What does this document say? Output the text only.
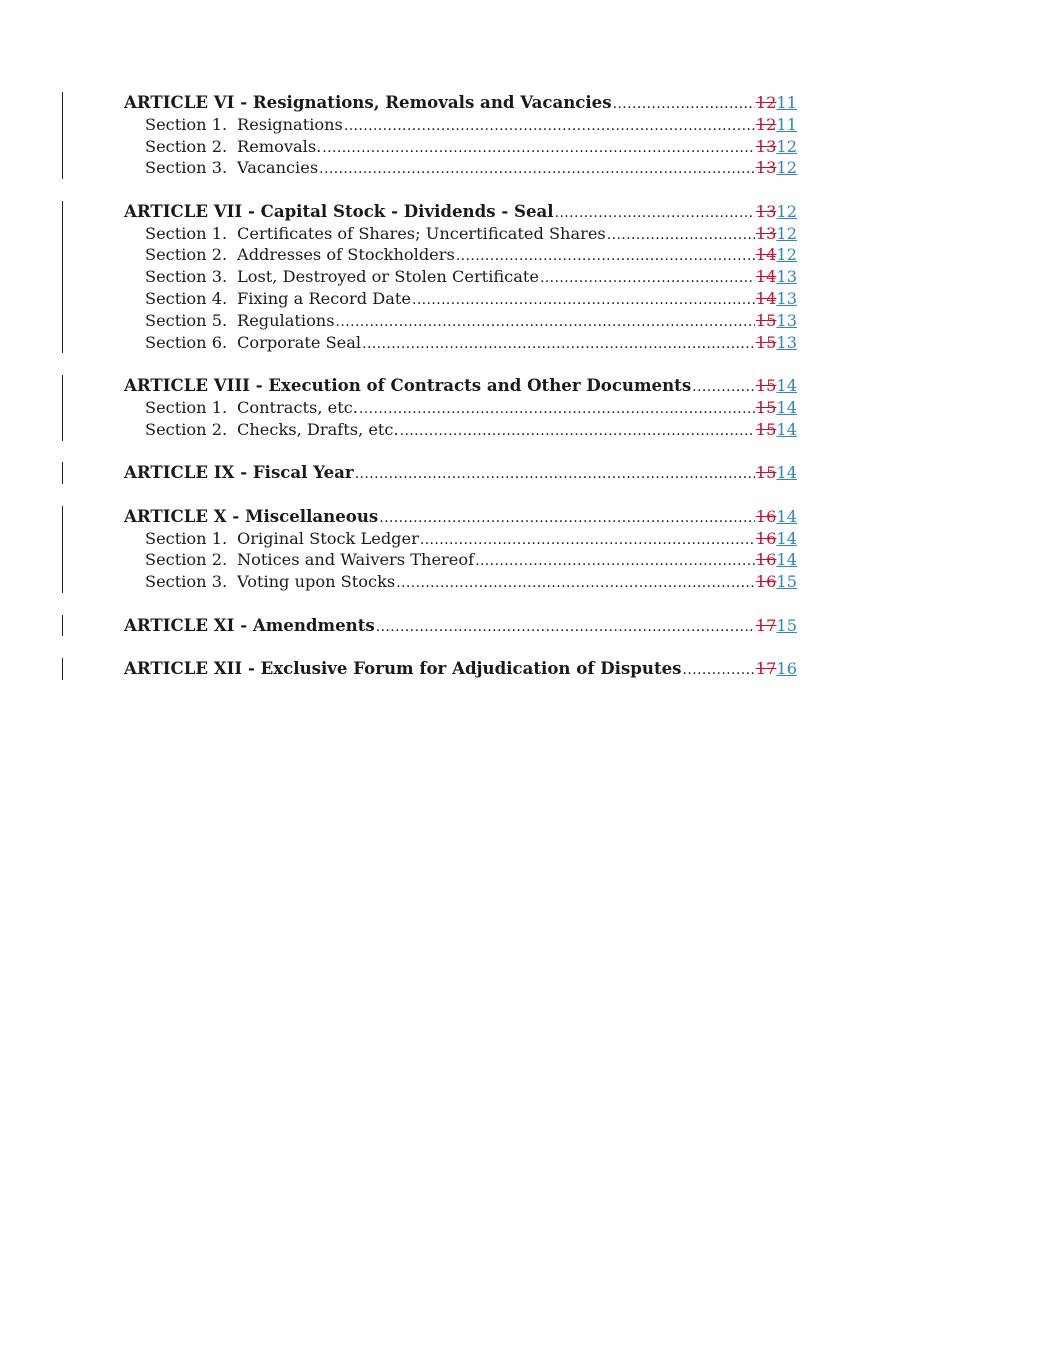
ARTICLE VI - Resignations, Removals and Vacancies .....	1211
Section 1. Resignations .....	1211
Section 2. Removals. .....	1312
Section 3. Vacancies .....	1312
ARTICLE VII - Capital Stock - Dividends - Seal .....	1312
Section 1. Certificates of Shares; Uncertificated Shares .....	1312
Section 2. Addresses of Stockholders .....	1412
Section 3. Lost, Destroyed or Stolen Certificate .....	1413
Section 4. Fixing a Record Date .....	1413
Section 5. Regulations .....	1513
Section 6. Corporate Seal .....	1513
ARTICLE VIII - Execution of Contracts and Other Documents .....	1514
Section 1. Contracts, etc. .....	1514
Section 2. Checks, Drafts, etc. .....	1514
ARTICLE IX - Fiscal Year .....	1514
ARTICLE X - Miscellaneous .....	1614
Section 1. Original Stock Ledger .....	1614
Section 2. Notices and Waivers Thereof .....	1614
Section 3. Voting upon Stocks .....	1615
ARTICLE XI - Amendments .....	1715
ARTICLE XII - Exclusive Forum for Adjudication of Disputes .....	1716
